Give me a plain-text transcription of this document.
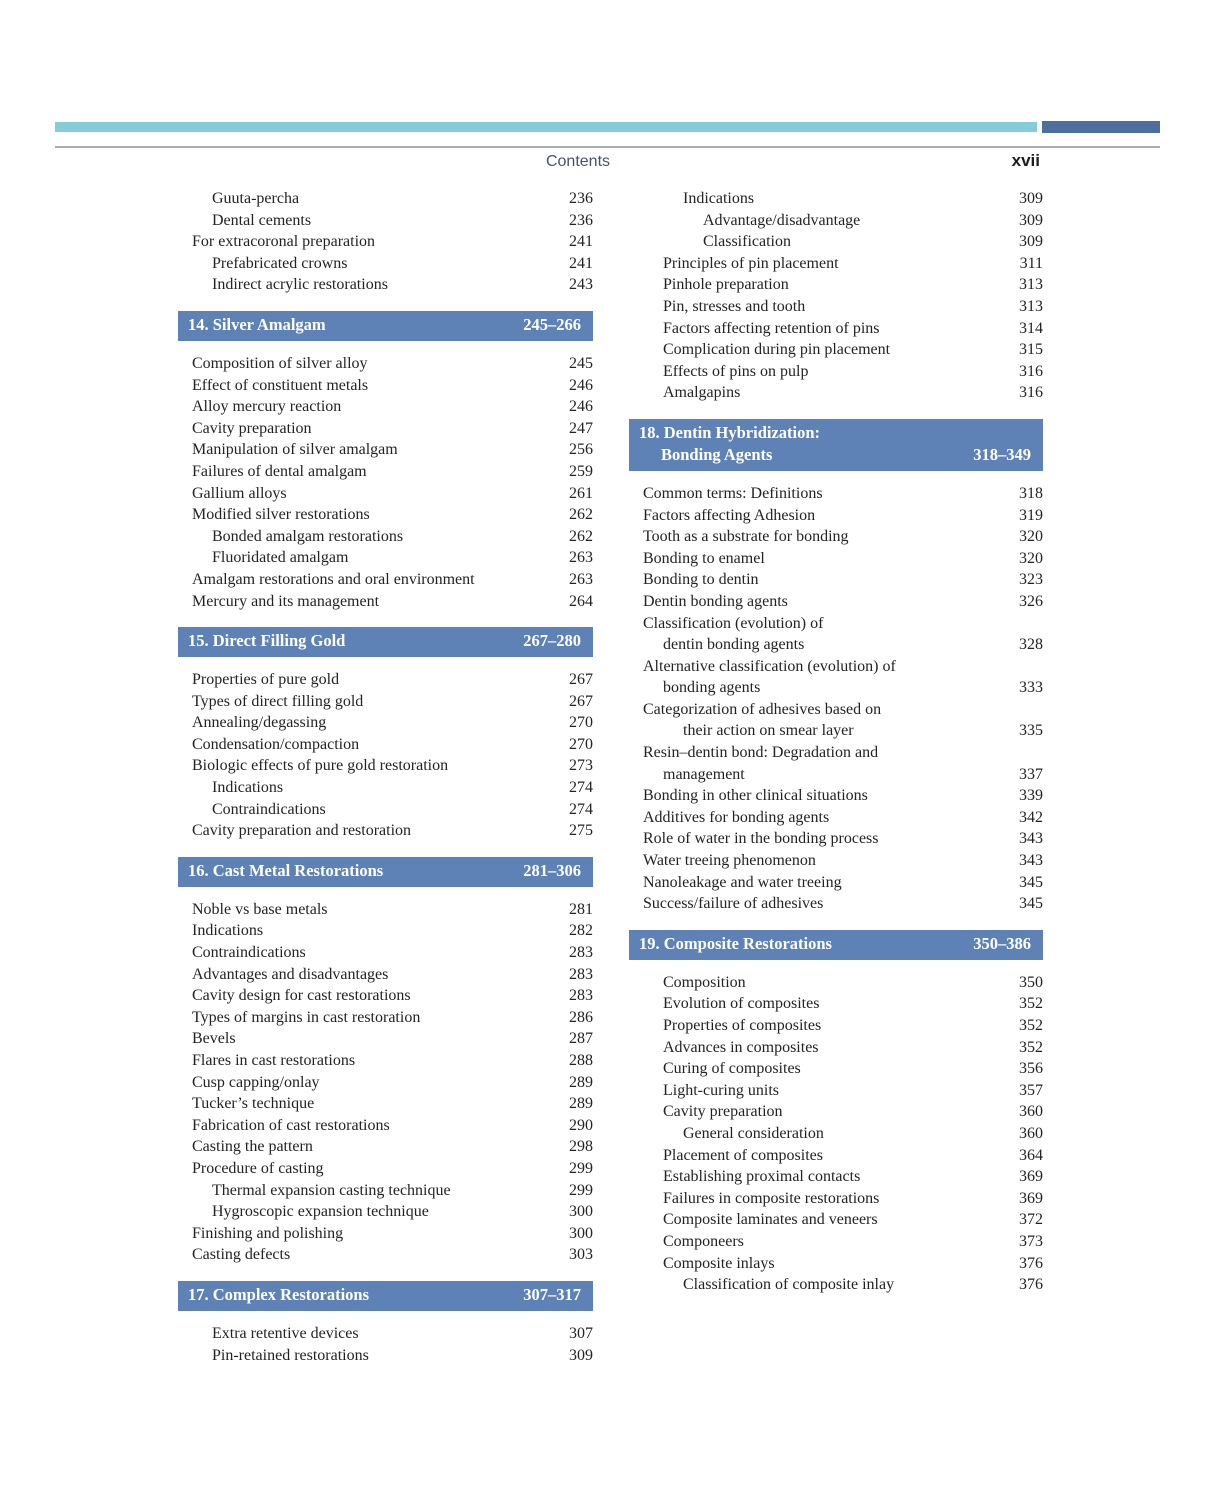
Contents	xvii
Guuta-percha	236
Dental cements	236
For extracoronal preparation	241
Prefabricated crowns	241
Indirect acrylic restorations	243
14. Silver Amalgam	245–266
Composition of silver alloy	245
Effect of constituent metals	246
Alloy mercury reaction	246
Cavity preparation	247
Manipulation of silver amalgam	256
Failures of dental amalgam	259
Gallium alloys	261
Modified silver restorations	262
Bonded amalgam restorations	262
Fluoridated amalgam	263
Amalgam restorations and oral environment	263
Mercury and its management	264
15. Direct Filling Gold	267–280
Properties of pure gold	267
Types of direct filling gold	267
Annealing/degassing	270
Condensation/compaction	270
Biologic effects of pure gold restoration	273
Indications	274
Contraindications	274
Cavity preparation and restoration	275
16. Cast Metal Restorations	281–306
Noble vs base metals	281
Indications	282
Contraindications	283
Advantages and disadvantages	283
Cavity design for cast restorations	283
Types of margins in cast restoration	286
Bevels	287
Flares in cast restorations	288
Cusp capping/onlay	289
Tucker’s technique	289
Fabrication of cast restorations	290
Casting the pattern	298
Procedure of casting	299
Thermal expansion casting technique	299
Hygroscopic expansion technique	300
Finishing and polishing	300
Casting defects	303
17. Complex Restorations	307–317
Extra retentive devices	307
Pin-retained restorations	309
Indications	309
Advantage/disadvantage	309
Classification	309
Principles of pin placement	311
Pinhole preparation	313
Pin, stresses and tooth	313
Factors affecting retention of pins	314
Complication during pin placement	315
Effects of pins on pulp	316
Amalgapins	316
18. Dentin Hybridization:
Bonding Agents	318–349
Common terms: Definitions	318
Factors affecting Adhesion	319
Tooth as a substrate for bonding	320
Bonding to enamel	320
Bonding to dentin	323
Dentin bonding agents	326
Classification (evolution) of
dentin bonding agents	328
Alternative classification (evolution) of
bonding agents	333
Categorization of adhesives based on
their action on smear layer	335
Resin–dentin bond: Degradation and
management	337
Bonding in other clinical situations	339
Additives for bonding agents	342
Role of water in the bonding process	343
Water treeing phenomenon	343
Nanoleakage and water treeing	345
Success/failure of adhesives	345
19. Composite Restorations	350–386
Composition	350
Evolution of composites	352
Properties of composites	352
Advances in composites	352
Curing of composites	356
Light-curing units	357
Cavity preparation	360
General consideration	360
Placement of composites	364
Establishing proximal contacts	369
Failures in composite restorations	369
Composite laminates and veneers	372
Componeers	373
Composite inlays	376
Classification of composite inlay	376
